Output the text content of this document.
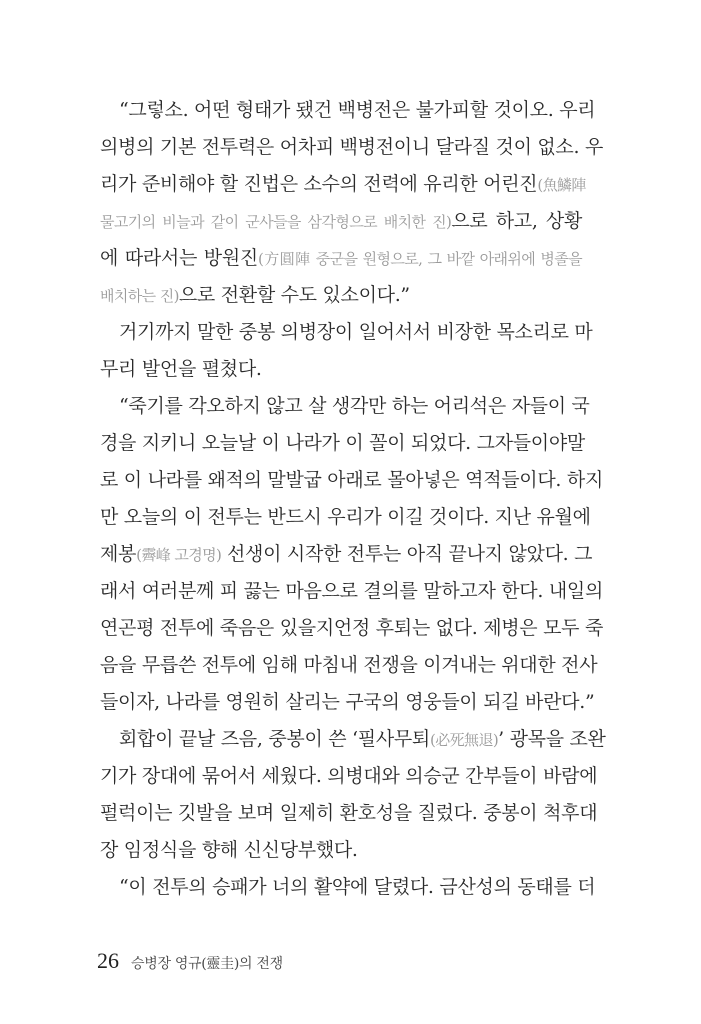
“그렇소. 어떤 형태가 됐건 백병전은 불가피할 것이오. 우리
의병의 기본 전투력은 어차피 백병전이니 달라질 것이 없소. 우
리가 준비해야 할 진법은 소수의 전력에 유리한 어린진(魚鱗陣
물고기의 비늘과 같이 군사들을 삼각형으로 배치한 진)으로 하고, 상황
에 따라서는 방원진(方圓陣 중군을 원형으로, 그 바깥 아래위에 병졸을
배치하는 진)으로 전환할 수도 있소이다.”
거기까지 말한 중봉 의병장이 일어서서 비장한 목소리로 마
무리 발언을 펼쳤다.
“죽기를 각오하지 않고 살 생각만 하는 어리석은 자들이 국
경을 지키니 오늘날 이 나라가 이 꼴이 되었다. 그자들이야말
로 이 나라를 왜적의 말발굽 아래로 몰아넣은 역적들이다. 하지
만 오늘의 이 전투는 반드시 우리가 이길 것이다. 지난 유월에
제봉(霽峰 고경명) 선생이 시작한 전투는 아직 끝나지 않았다. 그
래서 여러분께 피 끓는 마음으로 결의를 말하고자 한다. 내일의
연곤평 전투에 죽음은 있을지언정 후퇴는 없다. 제병은 모두 죽
음을 무릅쓴 전투에 임해 마침내 전쟁을 이겨내는 위대한 전사
들이자, 나라를 영원히 살리는 구국의 영웅들이 되길 바란다.”
회합이 끝날 즈음, 중봉이 쓴 ‘필사무퇴(必死無退)’ 광목을 조완
기가 장대에 묶어서 세웠다. 의병대와 의승군 간부들이 바람에
펄럭이는 깃발을 보며 일제히 환호성을 질렀다. 중봉이 척후대
장 임정식을 향해 신신당부했다.
“이 전투의 승패가 너의 활약에 달렸다. 금산성의 동태를 더
26 승병장 영규(靈圭)의 전쟁
